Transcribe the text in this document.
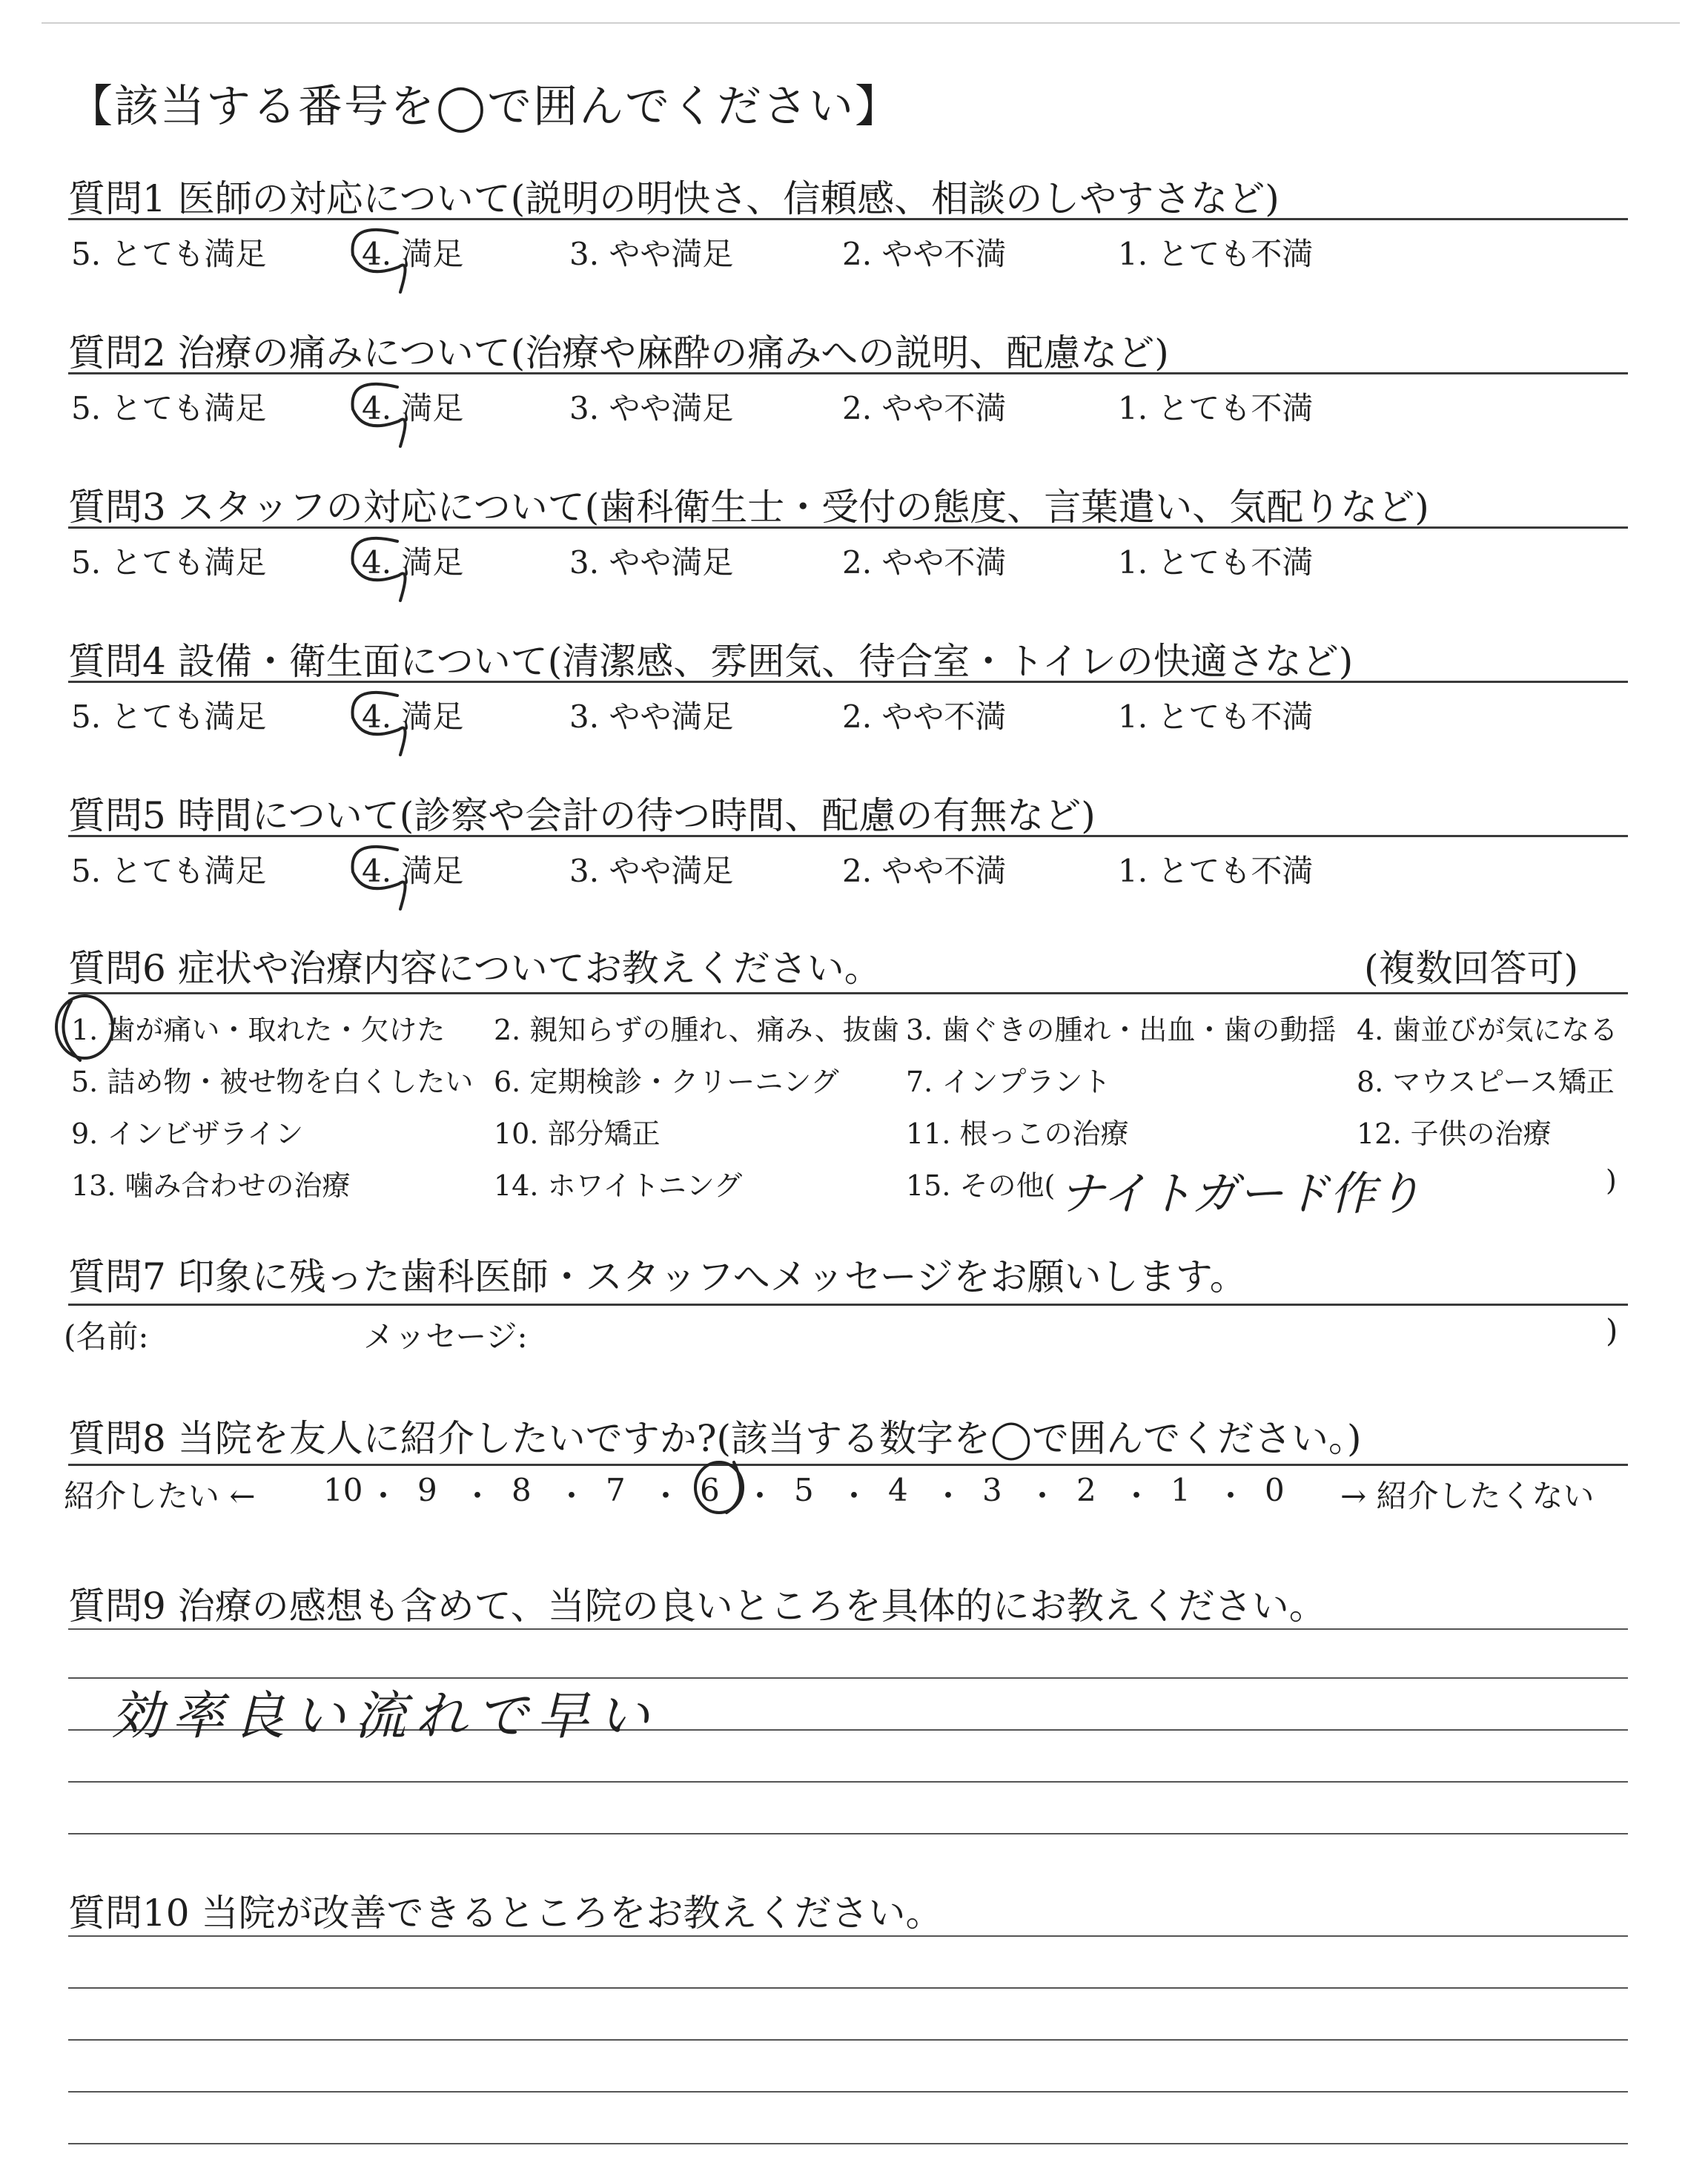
【該当する番号を◯で囲んでください】
質問1 医師の対応について(説明の明快さ、信頼感、相談のしやすさなど)
5. とても満足	4. 満足	3. やや満足	2. やや不満	1. とても不満
質問2 治療の痛みについて(治療や麻酔の痛みへの説明、配慮など)
5. とても満足	4. 満足	3. やや満足	2. やや不満	1. とても不満
質問3 スタッフの対応について(歯科衛生士・受付の態度、言葉遣い、気配りなど)
5. とても満足	4. 満足	3. やや満足	2. やや不満	1. とても不満
質問4 設備・衛生面について(清潔感、雰囲気、待合室・トイレの快適さなど)
5. とても満足	4. 満足	3. やや満足	2. やや不満	1. とても不満
質問5 時間について(診察や会計の待つ時間、配慮の有無など)
5. とても満足	4. 満足	3. やや満足	2. やや不満	1. とても不満
質問6 症状や治療内容についてお教えください。	(複数回答可)
1. 歯が痛い・取れた・欠けた 2. 親知らずの腫れ、痛み、抜歯 3. 歯ぐきの腫れ・出血・歯の動揺 4. 歯並びが気になる
5. 詰め物・被せ物を白くしたい 6. 定期検診・クリーニング 7. インプラント	8. マウスピース矯正
9. インビザライン	10. 部分矯正	11. 根っこの治療	12. 子供の治療
13. 噛み合わせの治療	14. ホワイトニング	15. その他( ナイトガード作り	)
質問7 印象に残った歯科医師・スタッフへメッセージをお願いします。
(名前:	メッセージ:	)
質問8 当院を友人に紹介したいですか?(該当する数字を◯で囲んでください。)
紹介したい ← 10 ・ 9 ・ 8 ・ 7 ・ 6 ・ 5 ・ 4 ・ 3 ・ 2 ・ 1 ・ 0 → 紹介したくない
質問9 治療の感想も含めて、当院の良いところを具体的にお教えください。
効率良い流れで早い
質問10 当院が改善できるところをお教えください。
